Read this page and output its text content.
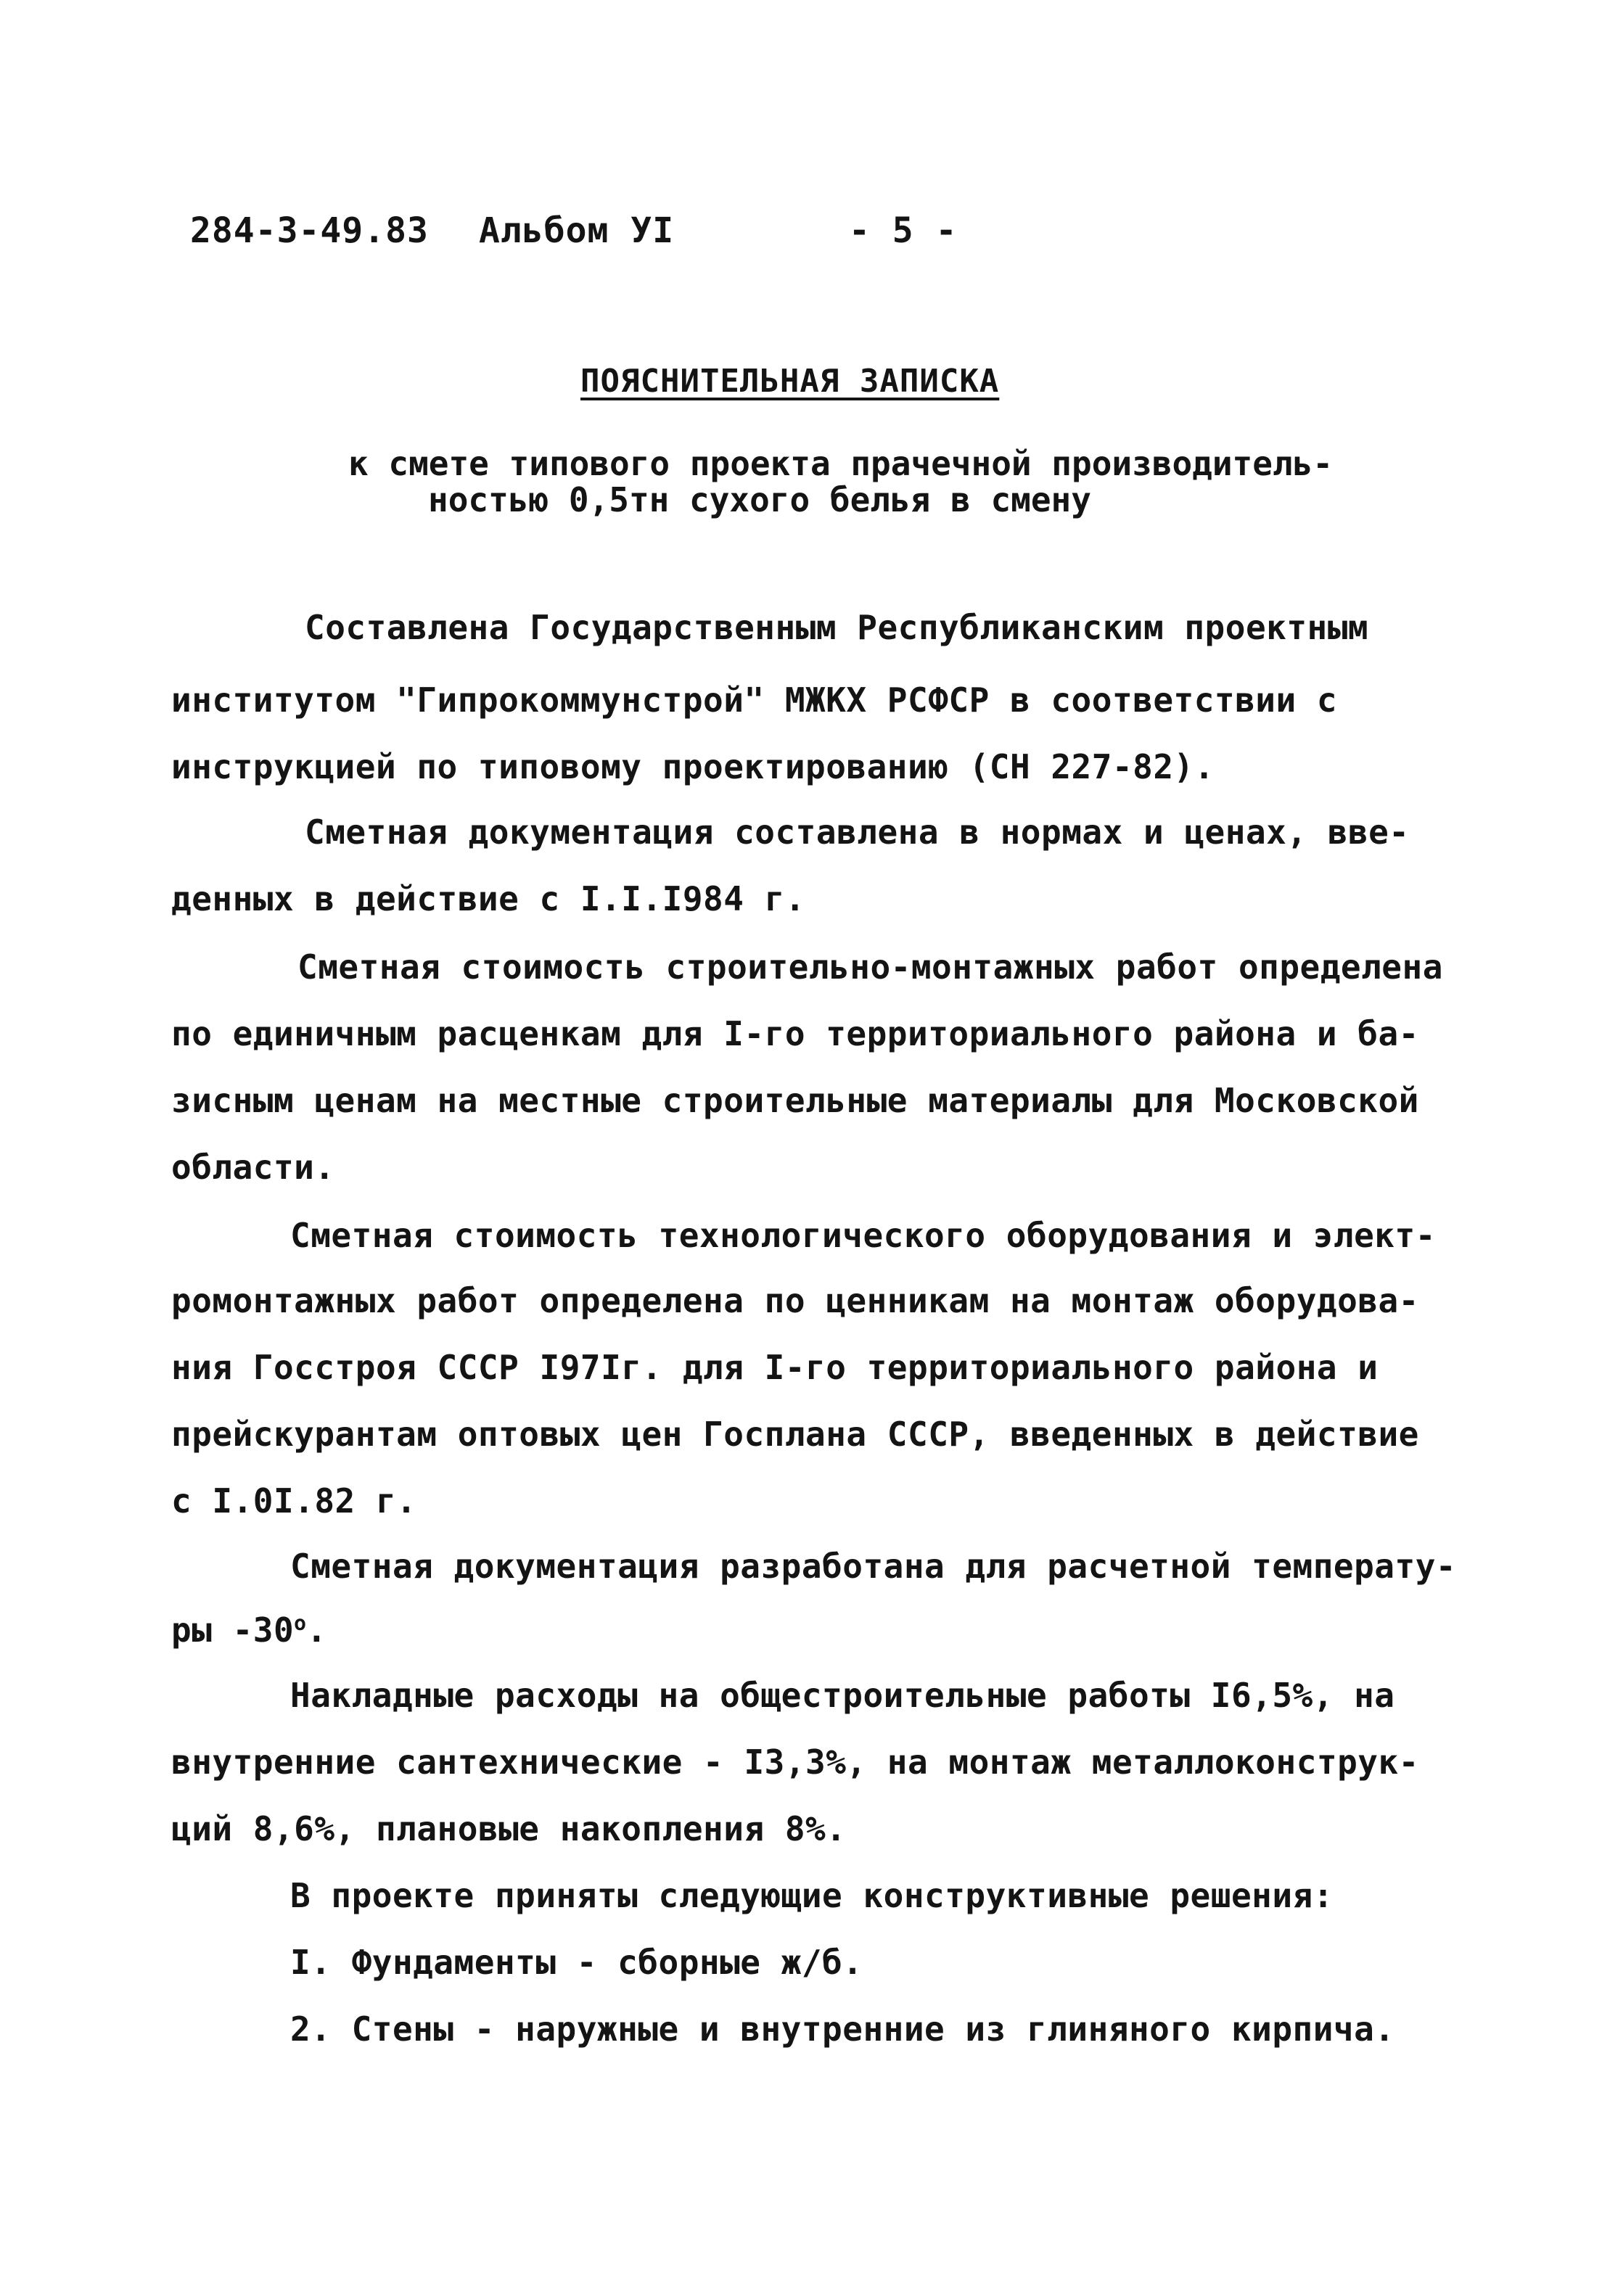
284-3-49.83 Альбом УI	- 5 -
ПОЯСНИТЕЛЬНАЯ ЗАПИСКА
к смете типового проекта прачечной производитель-
ностью 0,5тн сухого белья в смену
Составлена Государственным Республиканским проектным
институтом "Гипрокоммунстрой" МЖКХ РСФСР в соответствии с
инструкцией по типовому проектированию (СН 227-82).
Сметная документация составлена в нормах и ценах, вве-
денных в действие с I.I.I984 г.
Сметная стоимость строительно-монтажных работ определена
по единичным расценкам для I-го территориального района и ба-
зисным ценам на местные строительные материалы для Московской
области.
Сметная стоимость технологического оборудования и элект-
ромонтажных работ определена по ценникам на монтаж оборудова-
ния Госстроя СССР I97Iг. для I-го территориального района и
прейскурантам оптовых цен Госплана СССР, введенных в действие
с I.0I.82 г.
Сметная документация разработана для расчетной температу-
ры $-30^о$.
Накладные расходы на общестроительные работы I6,5%, на
внутренние сантехнические - I3,3%, на монтаж металлоконструк-
ций 8,6%, плановые накопления 8%.
В проекте приняты следующие конструктивные решения:
I. Фундаменты - сборные ж/б.
2. Стены - наружные и внутренние из глиняного кирпича.
